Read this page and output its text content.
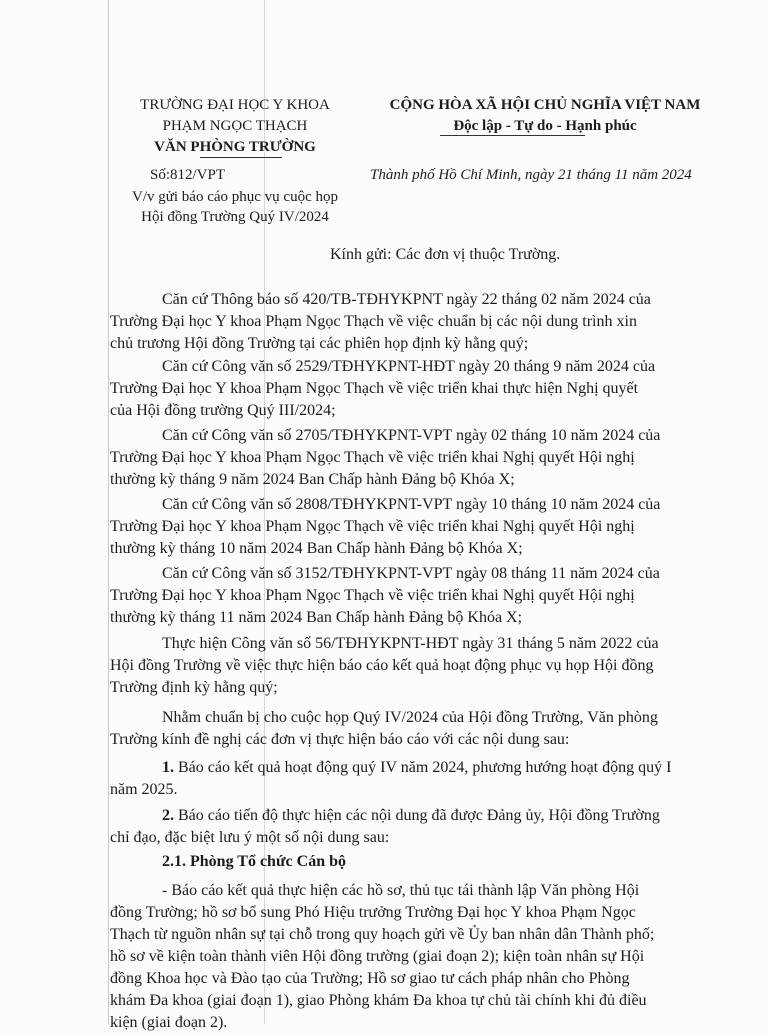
TRƯỜNG ĐẠI HỌC Y KHOA
PHẠM NGỌC THẠCH
VĂN PHÒNG TRƯỜNG
CỘNG HÒA XÃ HỘI CHỦ NGHĨA VIỆT NAM
Độc lập - Tự do - Hạnh phúc
Số:812/VPT
V/v gửi báo cáo phục vụ cuộc họp
Hội đồng Trường Quý IV/2024
Thành phố Hồ Chí Minh, ngày 21 tháng 11 năm 2024
Kính gửi: Các đơn vị thuộc Trường.
Căn cứ Thông báo số 420/TB-TĐHYKPNT ngày 22 tháng 02 năm 2024 của
Trường Đại học Y khoa Phạm Ngọc Thạch về việc chuẩn bị các nội dung trình xin
chủ trương Hội đồng Trường tại các phiên họp định kỳ hằng quý;
Căn cứ Công văn số 2529/TĐHYKPNT-HĐT ngày 20 tháng 9 năm 2024 của
Trường Đại học Y khoa Phạm Ngọc Thạch về việc triển khai thực hiện Nghị quyết
của Hội đồng trường Quý III/2024;
Căn cứ Công văn số 2705/TĐHYKPNT-VPT ngày 02 tháng 10 năm 2024 của
Trường Đại học Y khoa Phạm Ngọc Thạch về việc triển khai Nghị quyết Hội nghị
thường kỳ tháng 9 năm 2024 Ban Chấp hành Đảng bộ Khóa X;
Căn cứ Công văn số 2808/TĐHYKPNT-VPT ngày 10 tháng 10 năm 2024 của
Trường Đại học Y khoa Phạm Ngọc Thạch về việc triển khai Nghị quyết Hội nghị
thường kỳ tháng 10 năm 2024 Ban Chấp hành Đảng bộ Khóa X;
Căn cứ Công văn số 3152/TĐHYKPNT-VPT ngày 08 tháng 11 năm 2024 của
Trường Đại học Y khoa Phạm Ngọc Thạch về việc triển khai Nghị quyết Hội nghị
thường kỳ tháng 11 năm 2024 Ban Chấp hành Đảng bộ Khóa X;
Thực hiện Công văn số 56/TĐHYKPNT-HĐT ngày 31 tháng 5 năm 2022 của
Hội đồng Trường về việc thực hiện báo cáo kết quả hoạt động phục vụ họp Hội đồng
Trường định kỳ hằng quý;
Nhằm chuẩn bị cho cuộc họp Quý IV/2024 của Hội đồng Trường, Văn phòng
Trường kính đề nghị các đơn vị thực hiện báo cáo với các nội dung sau:
1. Báo cáo kết quả hoạt động quý IV năm 2024, phương hướng hoạt động quý I
năm 2025.
2. Báo cáo tiến độ thực hiện các nội dung đã được Đảng ủy, Hội đồng Trường
chỉ đạo, đặc biệt lưu ý một số nội dung sau:
2.1. Phòng Tổ chức Cán bộ
- Báo cáo kết quả thực hiện các hồ sơ, thủ tục tái thành lập Văn phòng Hội
đồng Trường; hồ sơ bổ sung Phó Hiệu trưởng Trường Đại học Y khoa Phạm Ngọc
Thạch từ nguồn nhân sự tại chỗ trong quy hoạch gửi về Ủy ban nhân dân Thành phố;
hồ sơ về kiện toàn thành viên Hội đồng trường (giai đoạn 2); kiện toàn nhân sự Hội
đồng Khoa học và Đào tạo của Trường; Hồ sơ giao tư cách pháp nhân cho Phòng
khám Đa khoa (giai đoạn 1), giao Phòng khám Đa khoa tự chủ tài chính khi đủ điều
kiện (giai đoạn 2).
